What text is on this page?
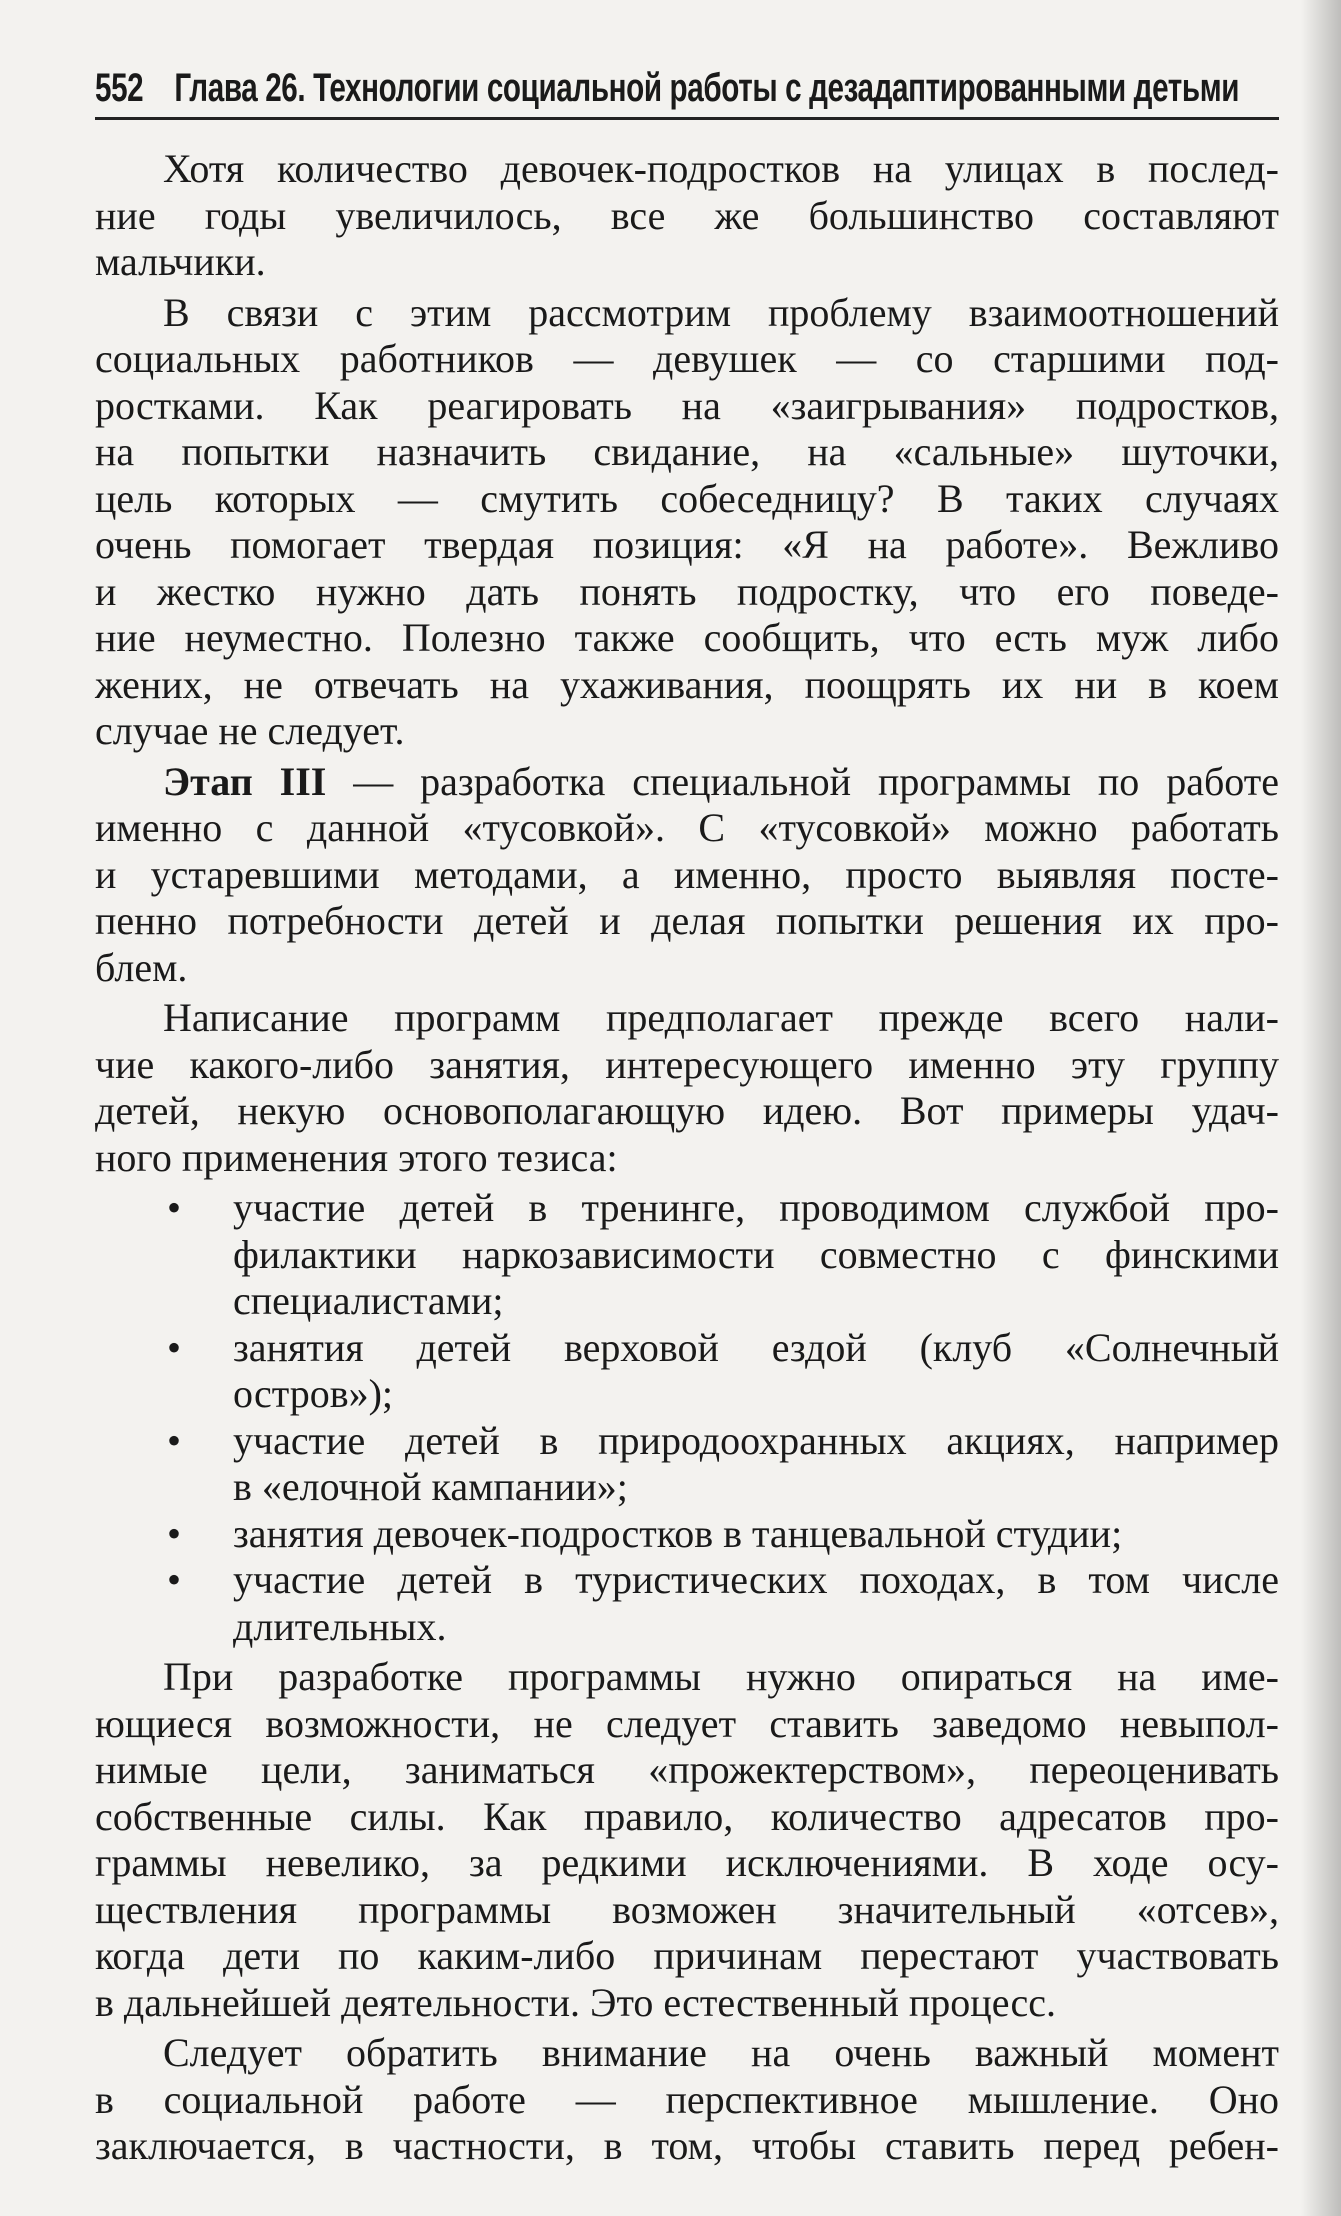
552 Глава 26. Технологии социальной работы с дезадаптированными детьми
Хотя количество девочек-подростков на улицах в послед-
ние годы увеличилось, все же большинство составляют
мальчики.
В связи с этим рассмотрим проблему взаимоотношений
социальных работников — девушек — со старшими под-
ростками. Как реагировать на «заигрывания» подростков,
на попытки назначить свидание, на «сальные» шуточки,
цель которых — смутить собеседницу? В таких случаях
очень помогает твердая позиция: «Я на работе». Вежливо
и жестко нужно дать понять подростку, что его поведе-
ние неуместно. Полезно также сообщить, что есть муж либо
жених, не отвечать на ухаживания, поощрять их ни в коем
случае не следует.
Этап III — разработка специальной программы по работе
именно с данной «тусовкой». С «тусовкой» можно работать
и устаревшими методами, а именно, просто выявляя посте-
пенно потребности детей и делая попытки решения их про-
блем.
Написание программ предполагает прежде всего нали-
чие какого-либо занятия, интересующего именно эту группу
детей, некую основополагающую идею. Вот примеры удач-
ного применения этого тезиса:
• участие детей в тренинге, проводимом службой про-
филактики наркозависимости совместно с финскими
специалистами;
• занятия детей верховой ездой (клуб «Солнечный
остров»);
• участие детей в природоохранных акциях, например
в «елочной кампании»;
• занятия девочек-подростков в танцевальной студии;
• участие детей в туристических походах, в том числе
длительных.
При разработке программы нужно опираться на име-
ющиеся возможности, не следует ставить заведомо невыпол-
нимые цели, заниматься «прожектерством», переоценивать
собственные силы. Как правило, количество адресатов про-
граммы невелико, за редкими исключениями. В ходе осу-
ществления программы возможен значительный «отсев»,
когда дети по каким-либо причинам перестают участвовать
в дальнейшей деятельности. Это естественный процесс.
Следует обратить внимание на очень важный момент
в социальной работе — перспективное мышление. Оно
заключается, в частности, в том, чтобы ставить перед ребен-
